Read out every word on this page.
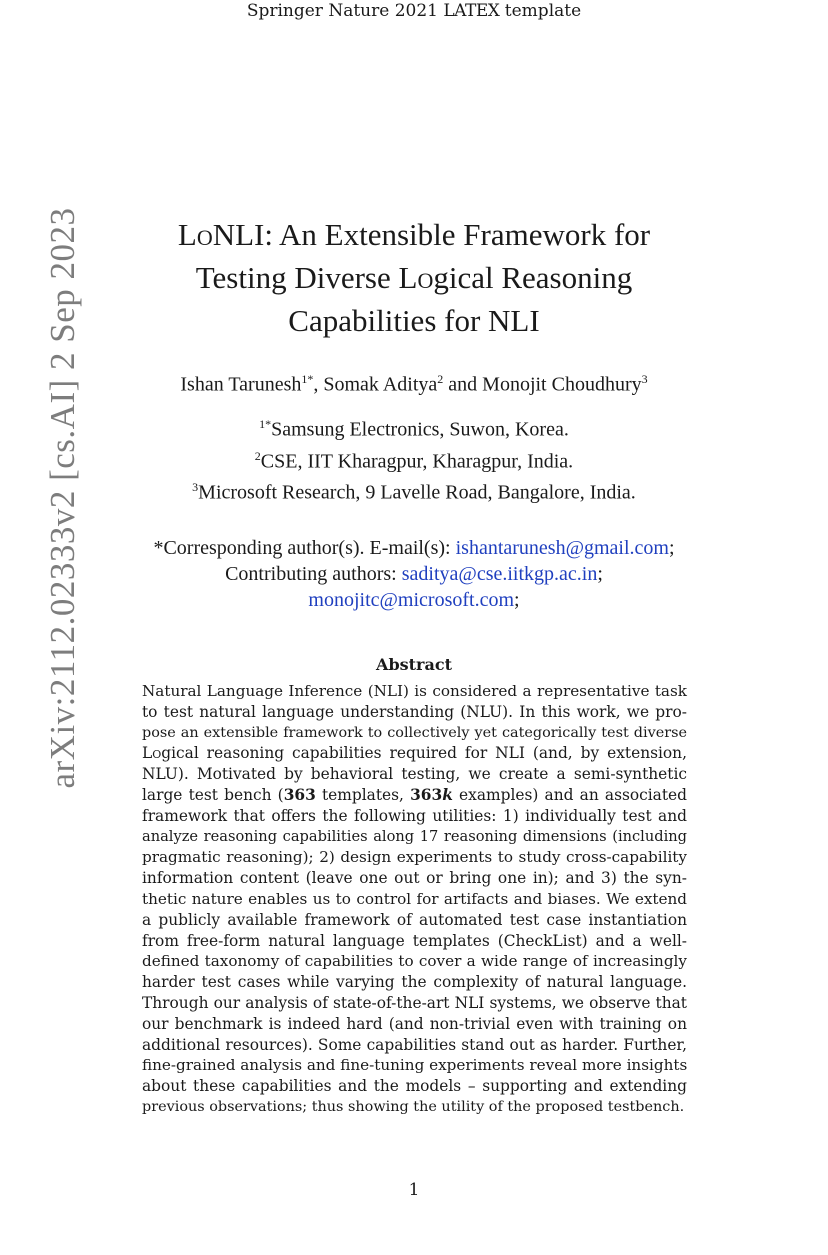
Springer Nature 2021 LATEX template
arXiv:2112.02333v2 [cs.AI] 2 Sep 2023	LoNLI: An Extensible Framework for
Testing Diverse Logical Reasoning
Capabilities for NLI
Ishan Tarunesh$^{1*}$, Somak Aditya$^2$ and Monojit Choudhury$^3$
$^{1*}$Samsung Electronics, Suwon, Korea.
$^2$CSE, IIT Kharagpur, Kharagpur, India.
$^3$Microsoft Research, 9 Lavelle Road, Bangalore, India.
*Corresponding author(s). E-mail(s): ishantarunesh@gmail.com;
Contributing authors: saditya@cse.iitkgp.ac.in;
monojitc@microsoft.com;
Abstract
Natural Language Inference (NLI) is considered a representative task
to test natural language understanding (NLU). In this work, we pro-
pose an extensible framework to collectively yet categorically test diverse
Logical reasoning capabilities required for NLI (and, by extension,
NLU). Motivated by behavioral testing, we create a semi-synthetic
large test bench (363 templates, 363k examples) and an associated
framework that offers the following utilities: 1) individually test and
analyze reasoning capabilities along 17 reasoning dimensions (including
pragmatic reasoning); 2) design experiments to study cross-capability
information content (leave one out or bring one in); and 3) the syn-
thetic nature enables us to control for artifacts and biases. We extend
a publicly available framework of automated test case instantiation
from free-form natural language templates (CheckList) and a well-
defined taxonomy of capabilities to cover a wide range of increasingly
harder test cases while varying the complexity of natural language.
Through our analysis of state-of-the-art NLI systems, we observe that
our benchmark is indeed hard (and non-trivial even with training on
additional resources). Some capabilities stand out as harder. Further,
fine-grained analysis and fine-tuning experiments reveal more insights
about these capabilities and the models – supporting and extending
previous observations; thus showing the utility of the proposed testbench.
1
